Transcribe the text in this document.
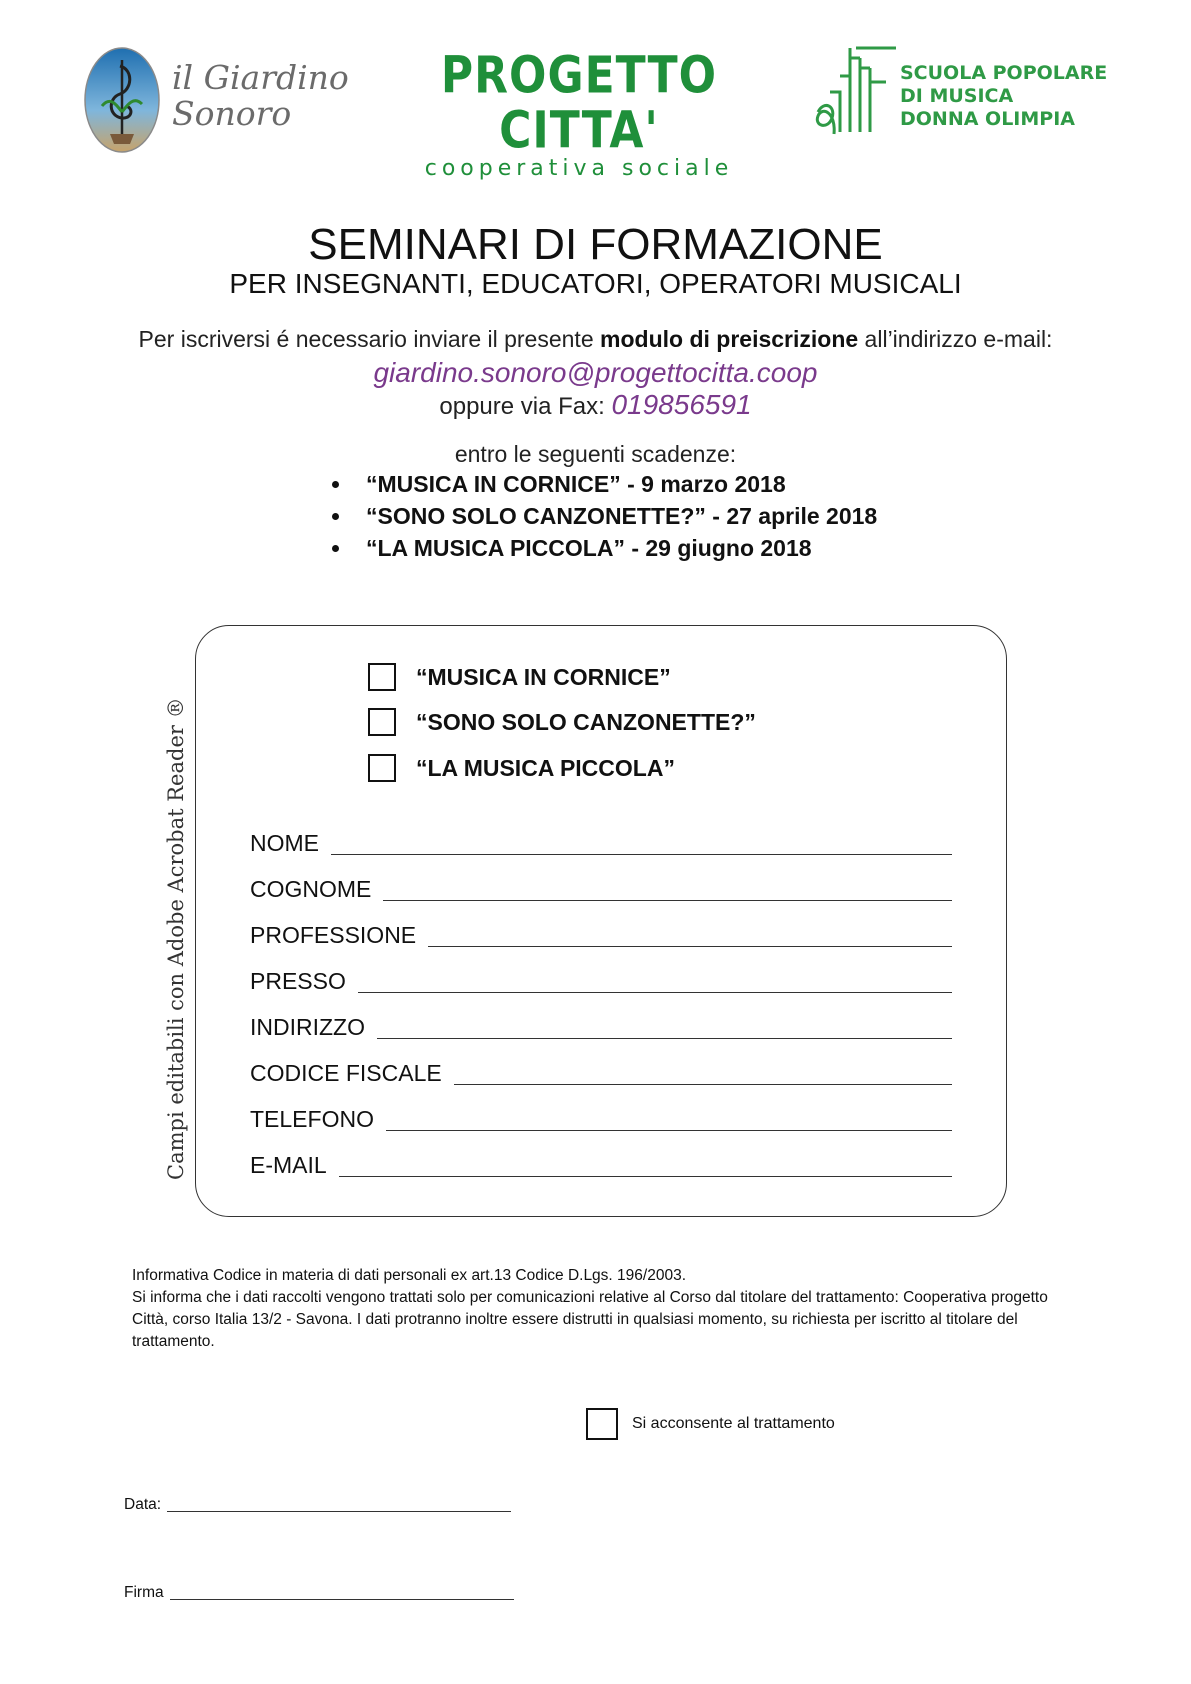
il Giardino
Sonoro
PROGETTO CITTA'
cooperativa sociale
SCUOLA POPOLARE
DI MUSICA
DONNA OLIMPIA
SEMINARI DI FORMAZIONE
PER INSEGNANTI, EDUCATORI, OPERATORI MUSICALI
Per iscriversi é necessario inviare il presente modulo di preiscrizione all’indirizzo e-mail:
giardino.sonoro@progettocitta.coop
oppure via Fax: 019856591
entro le seguenti scadenze:
“MUSICA IN CORNICE” - 9 marzo 2018
“SONO SOLO CANZONETTE?” - 27 aprile 2018
“LA MUSICA PICCOLA” - 29 giugno 2018
Campi editabili con Adobe Acrobat Reader ®
“MUSICA IN CORNICE”
“SONO SOLO CANZONETTE?”
“LA MUSICA PICCOLA”
NOME
COGNOME
PROFESSIONE
PRESSO
INDIRIZZO
CODICE FISCALE
TELEFONO
E-MAIL

Informativa Codice in materia di dati personali ex art.13 Codice D.Lgs. 196/2003.

Si informa che i dati raccolti vengono trattati solo per comunicazioni relative al Corso dal titolare del trattamento: Cooperativa progetto Città, corso Italia 13/2 - Savona. I dati protranno inoltre essere distrutti in qualsiasi momento, su richiesta per iscritto al titolare del trattamento.

Si acconsente al trattamento
Data:
Firma
